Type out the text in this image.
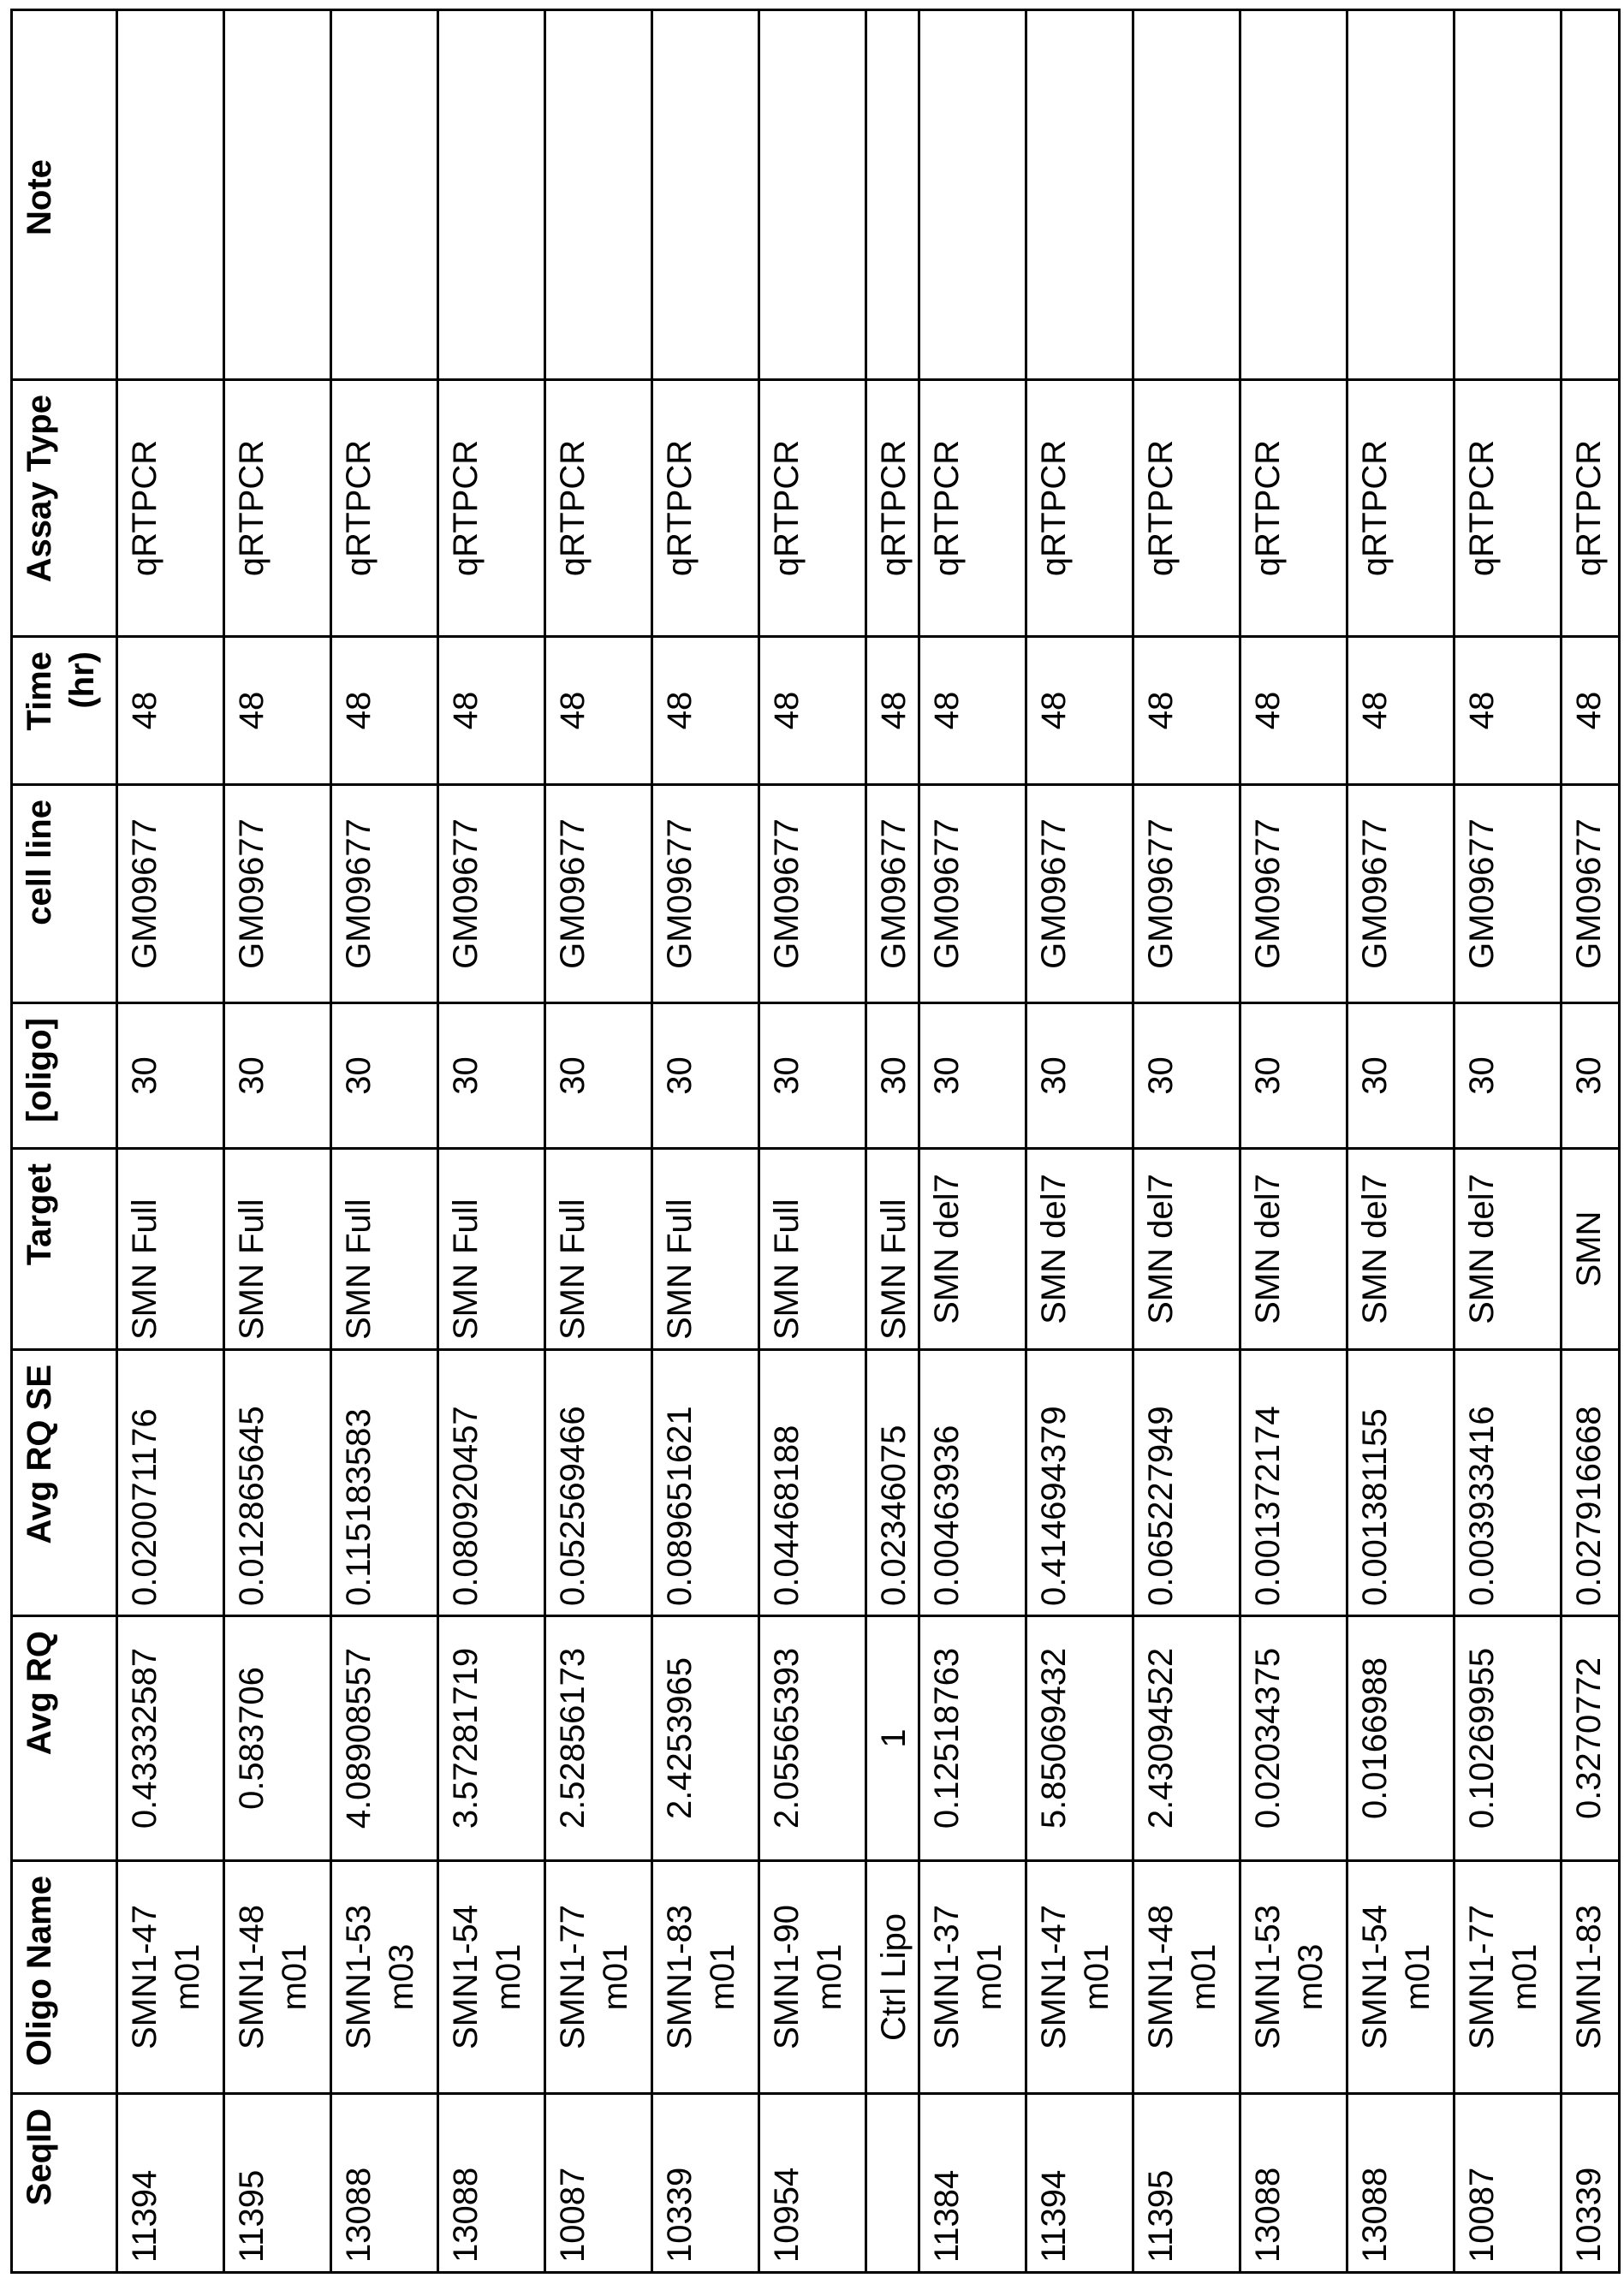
SeqID	Oligo Name	Avg RQ	Avg RQ SE	Target	[oligo]	cell line	Time (hr)	Assay Type	Note
11394	SMN1-47 m01	0.43332587	0.020071176	SMN Full	30	GM09677	48	qRTPCR	
11395	SMN1-48 m01	0.583706	0.012865645	SMN Full	30	GM09677	48	qRTPCR	
13088	SMN1-53 m03	4.08908557	0.115183583	SMN Full	30	GM09677	48	qRTPCR	
13088	SMN1-54 m01	3.57281719	0.080920457	SMN Full	30	GM09677	48	qRTPCR	
10087	SMN1-77 m01	2.52856173	0.052569466	SMN Full	30	GM09677	48	qRTPCR	
10339	SMN1-83 m01	2.4253965	0.089651621	SMN Full	30	GM09677	48	qRTPCR	
10954	SMN1-90 m01	2.05565393	0.04468188	SMN Full	30	GM09677	48	qRTPCR	
	Ctrl Lipo	1	0.02346075	SMN Full	30	GM09677	48	qRTPCR	
11384	SMN1-37 m01	0.12518763	0.00463936	SMN del7	30	GM09677	48	qRTPCR	
11394	SMN1-47 m01	5.85069432	0.414694379	SMN del7	30	GM09677	48	qRTPCR	
11395	SMN1-48 m01	2.43094522	0.065227949	SMN del7	30	GM09677	48	qRTPCR	
13088	SMN1-53 m03	0.02034375	0.001372174	SMN del7	30	GM09677	48	qRTPCR	
13088	SMN1-54 m01	0.0166988	0.001381155	SMN del7	30	GM09677	48	qRTPCR	
10087	SMN1-77 m01	0.10269955	0.003933416	SMN del7	30	GM09677	48	qRTPCR	
10339	SMN1-83	0.3270772	0.027916668	SMN	30	GM09677	48	qRTPCR	
